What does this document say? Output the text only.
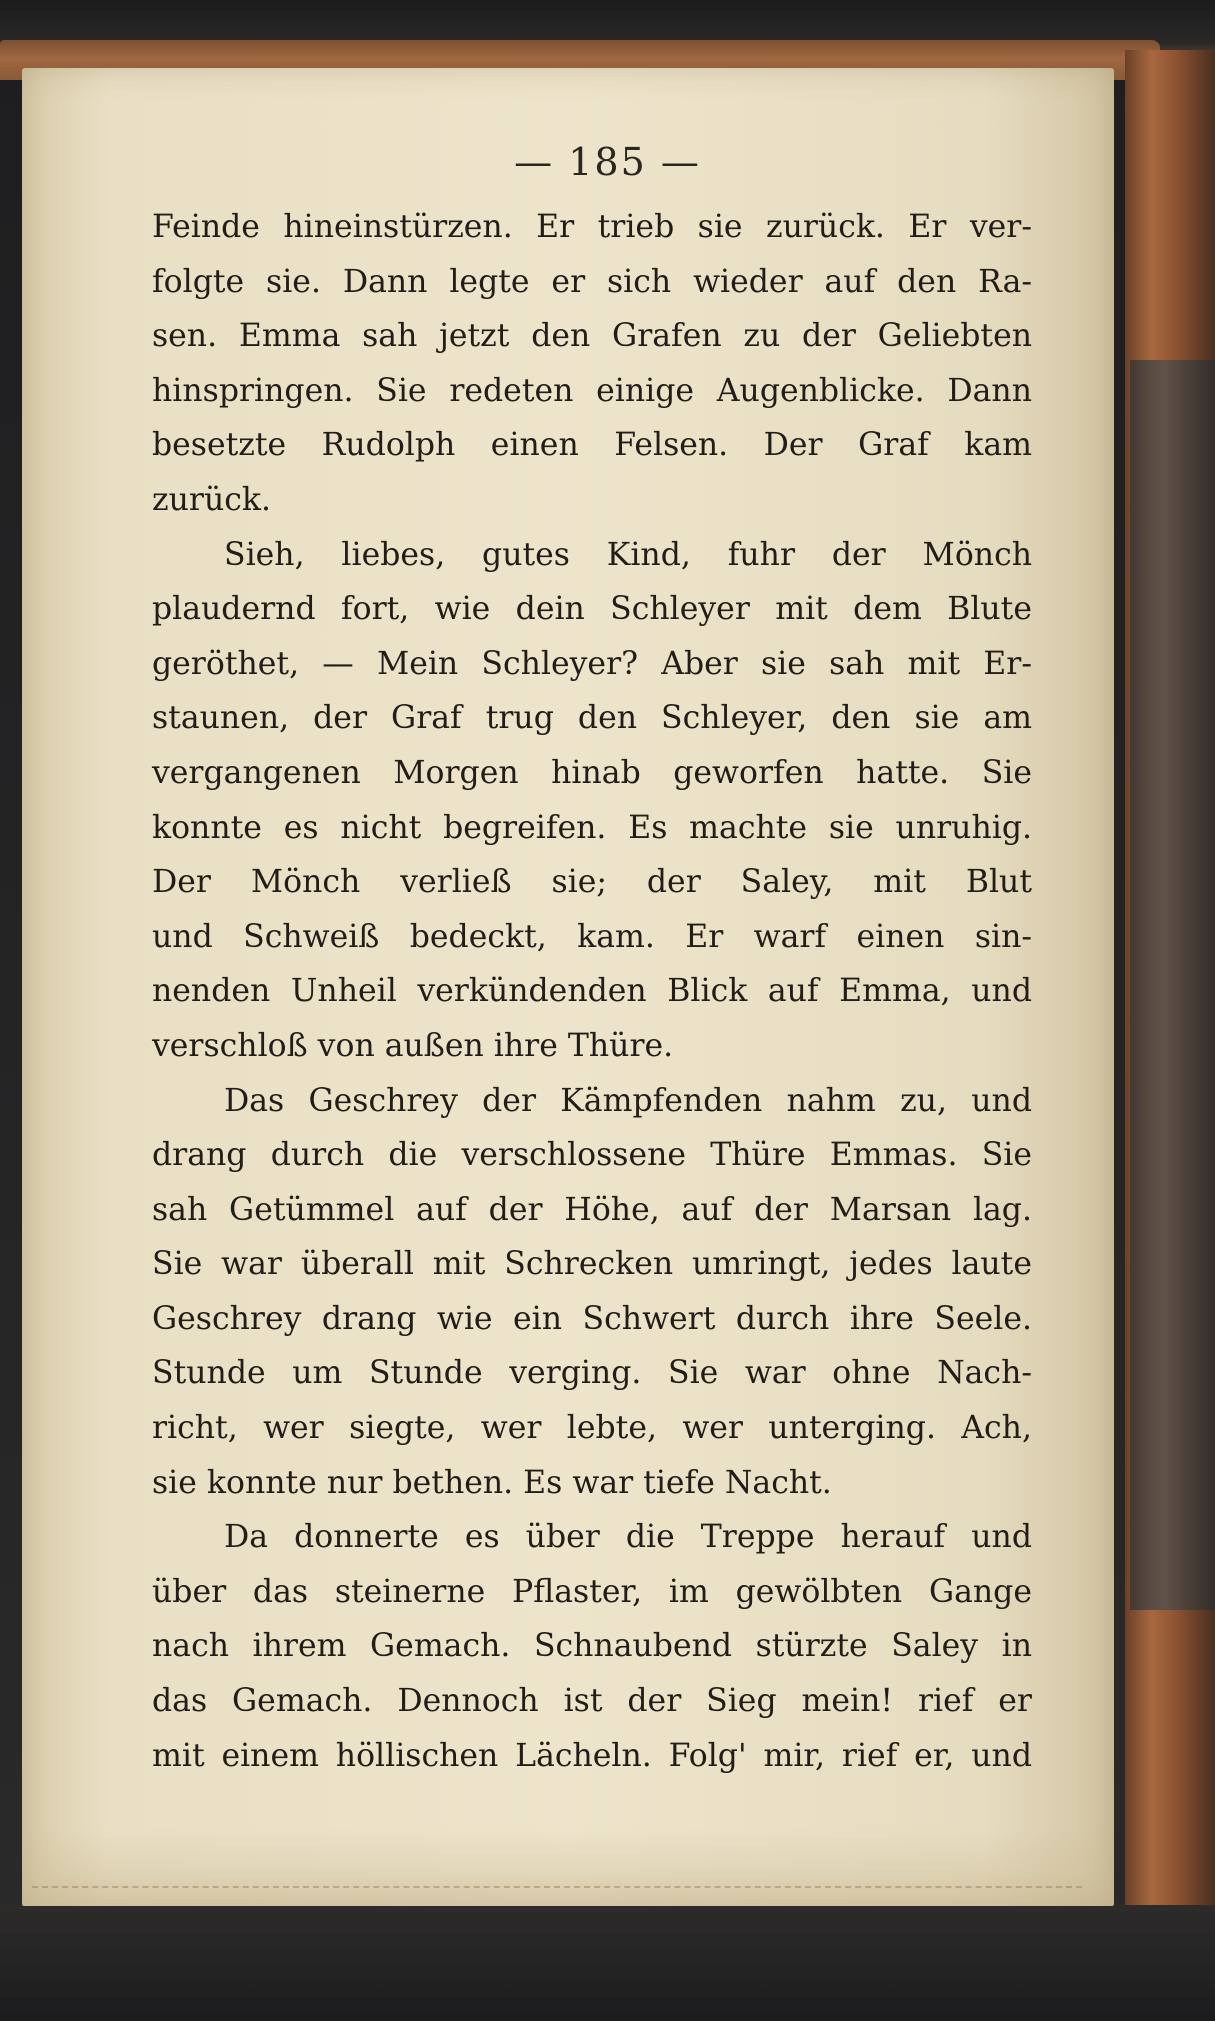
— 185 —
Feinde hineinstürzen. Er trieb sie zurück. Er ver-
folgte sie. Dann legte er sich wieder auf den Ra-
sen. Emma sah jetzt den Grafen zu der Geliebten
hinspringen. Sie redeten einige Augenblicke. Dann
besetzte Rudolph einen Felsen. Der Graf kam
zurück.
Sieh, liebes, gutes Kind, fuhr der Mönch
plaudernd fort, wie dein Schleyer mit dem Blute
geröthet, — Mein Schleyer? Aber sie sah mit Er-
staunen, der Graf trug den Schleyer, den sie am
vergangenen Morgen hinab geworfen hatte. Sie
konnte es nicht begreifen. Es machte sie unruhig.
Der Mönch verließ sie; der Saley, mit Blut
und Schweiß bedeckt, kam. Er warf einen sin-
nenden Unheil verkündenden Blick auf Emma, und
verschloß von außen ihre Thüre.
Das Geschrey der Kämpfenden nahm zu, und
drang durch die verschlossene Thüre Emmas. Sie
sah Getümmel auf der Höhe, auf der Marsan lag.
Sie war überall mit Schrecken umringt, jedes laute
Geschrey drang wie ein Schwert durch ihre Seele.
Stunde um Stunde verging. Sie war ohne Nach-
richt, wer siegte, wer lebte, wer unterging. Ach,
sie konnte nur bethen. Es war tiefe Nacht.
Da donnerte es über die Treppe herauf und
über das steinerne Pflaster, im gewölbten Gange
nach ihrem Gemach. Schnaubend stürzte Saley in
das Gemach. Dennoch ist der Sieg mein! rief er
mit einem höllischen Lächeln. Folg' mir, rief er, und
